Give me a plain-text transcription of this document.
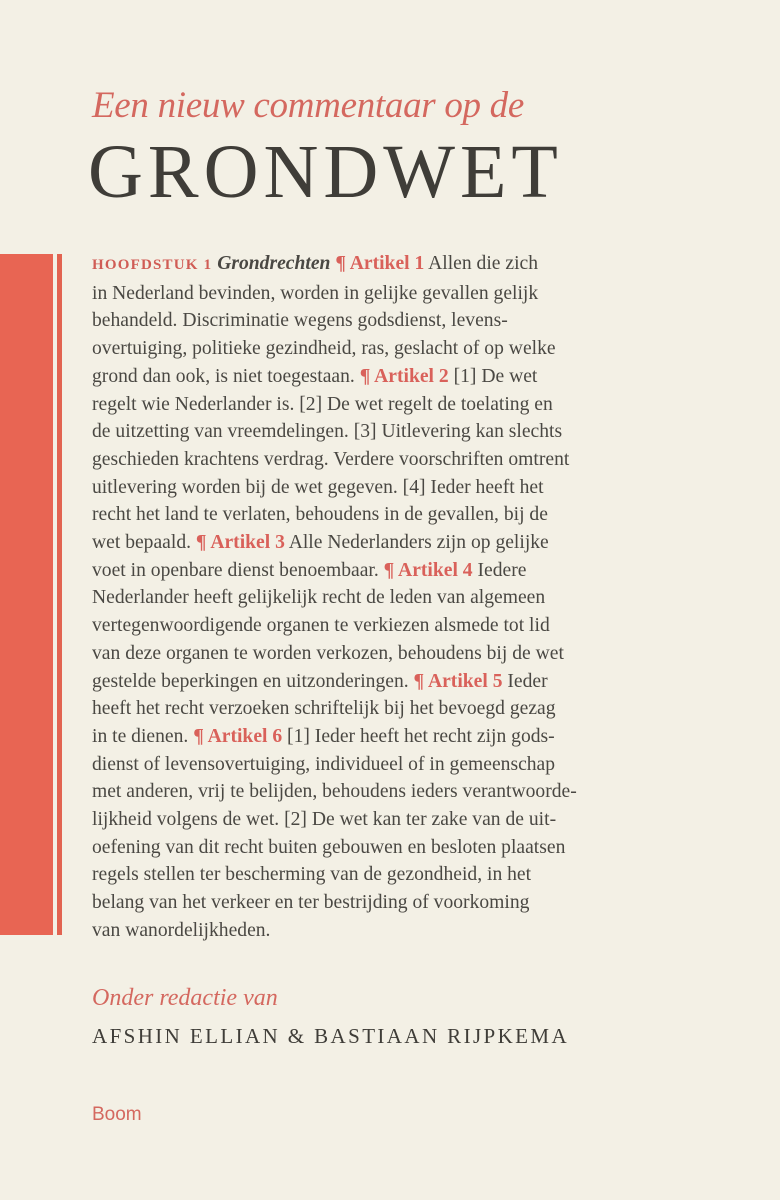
Een nieuw commentaar op de
GRONDWET
HOOFDSTUK 1 Grondrechten ¶ Artikel 1 Allen die zich
in Nederland bevinden, worden in gelijke gevallen gelijk
behandeld. Discriminatie wegens godsdienst, levens-
overtuiging, politieke gezindheid, ras, geslacht of op welke
grond dan ook, is niet toegestaan. ¶ Artikel 2 [1] De wet
regelt wie Nederlander is. [2] De wet regelt de toelating en
de uitzetting van vreemdelingen. [3] Uitlevering kan slechts
geschieden krachtens verdrag. Verdere voorschriften omtrent
uitlevering worden bij de wet gegeven. [4] Ieder heeft het
recht het land te verlaten, behoudens in de gevallen, bij de
wet bepaald. ¶ Artikel 3 Alle Nederlanders zijn op gelijke
voet in openbare dienst benoembaar. ¶ Artikel 4 Iedere
Nederlander heeft gelijkelijk recht de leden van algemeen
vertegenwoordigende organen te verkiezen alsmede tot lid
van deze organen te worden verkozen, behoudens bij de wet
gestelde beperkingen en uitzonderingen. ¶ Artikel 5 Ieder
heeft het recht verzoeken schriftelijk bij het bevoegd gezag
in te dienen. ¶ Artikel 6 [1] Ieder heeft het recht zijn gods-
dienst of levensovertuiging, individueel of in gemeenschap
met anderen, vrij te belijden, behoudens ieders verantwoorde-
lijkheid volgens de wet. [2] De wet kan ter zake van de uit-
oefening van dit recht buiten gebouwen en besloten plaatsen
regels stellen ter bescherming van de gezondheid, in het
belang van het verkeer en ter bestrijding of voorkoming
van wanordelijkheden.
Onder redactie van
AFSHIN ELLIAN & BASTIAAN RIJPKEMA
Boom
